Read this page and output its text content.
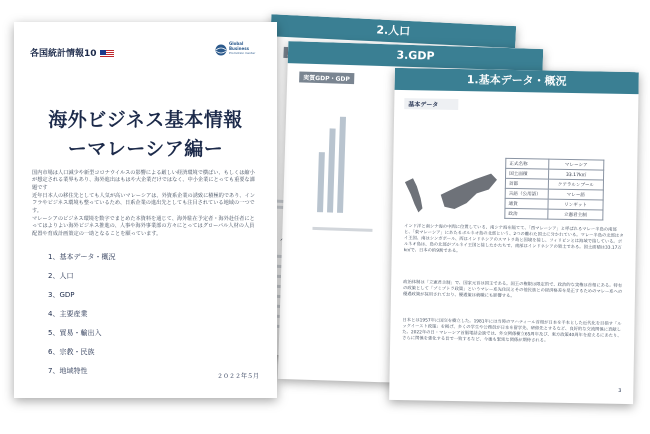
2.人口
3.GDP
実質GDP・GDP	1.基本データ・概況
基本データ
正式名称	マレーシア
国土面積	33.17k㎡
首都	クアラルンプール
言語（公用語）	マレー語
通貨	リンギット
政治	立憲君主制
インド洋と南シナ海の中間に位置している、南シナ海を隔てて、「西マレーシア」と呼ばれるマレー半島の南部と、「東マレーシア」にあたるボルネオ島の北部という、2つの離れた国土に分かれている。マレー半島の北部はタイ王国、南はシンガポール、西はインドネシアのスマトラ島と国境を接し、フィリピンとは海域で接している。ボルネオ島は、島の北部がブルネイ王国と接したかたちで、南部はインドネシアの領土である。国土面積は33.17万k㎡で、日本の約9割である。
政治体制は「立憲君主制」で、国家元首は国王である。国王の権限は限定的で、政治的な実権は首相にある。特有の政策として「ブミプトラ政策」というマレー系先住民とその他民族との経済格差を是正するためのマレー系への優遇政策が採用されており、優遇策は就職にも影響する。
日本とは1957年に国交を樹立した。1981年には当時のマハティール首相が日本を手本とした近代化を目指す「ルックイースト政策」を掲げ、多くの学生や公務員が日本を留学先、研修先とするなど、良好的な交流関係に貢献した。2022年の日・マレーシア首脳電話会談では、外交関係樹立65周年及び、東方政策40周年を迎えるにあたり、さらに関係を強化する旨で一致するなど、今後も緊密な関係が期待される。
3
各国統計情報10
Global
Business
Promotion Center
海外ビジネス基本情報
ーマレーシア編ー
国内市場は人口減少や新型コロナウイルスの影響による厳しい経済環境で横ばい、もしくは縮小が想定される業界もあり、海外進出はもはや大企業だけではなく、中小企業にとっても重要な課題です
近年日本人の移住先としても人気が高いマレーシアは、外資系企業の誘致に積極的であり、インフラやビジネス環境も整っているため、日系企業の進出先としても注目されている地域の一つです。
マレーシアのビジネス環境を数字でまとめた本資料を通じて、海外駐在予定者・海外赴任者にとってはよりよい海外ビジネス推進の、人事や海外事業部の方々にとってはグローバル人材の人員配置や育成計画策定の一助となることを願っています。
1、基本データ・概況
2、人口
3、GDP
4、主要産業
5、貿易・輸出入
6、宗教・民族
7、地域特性
２０２２年５月
